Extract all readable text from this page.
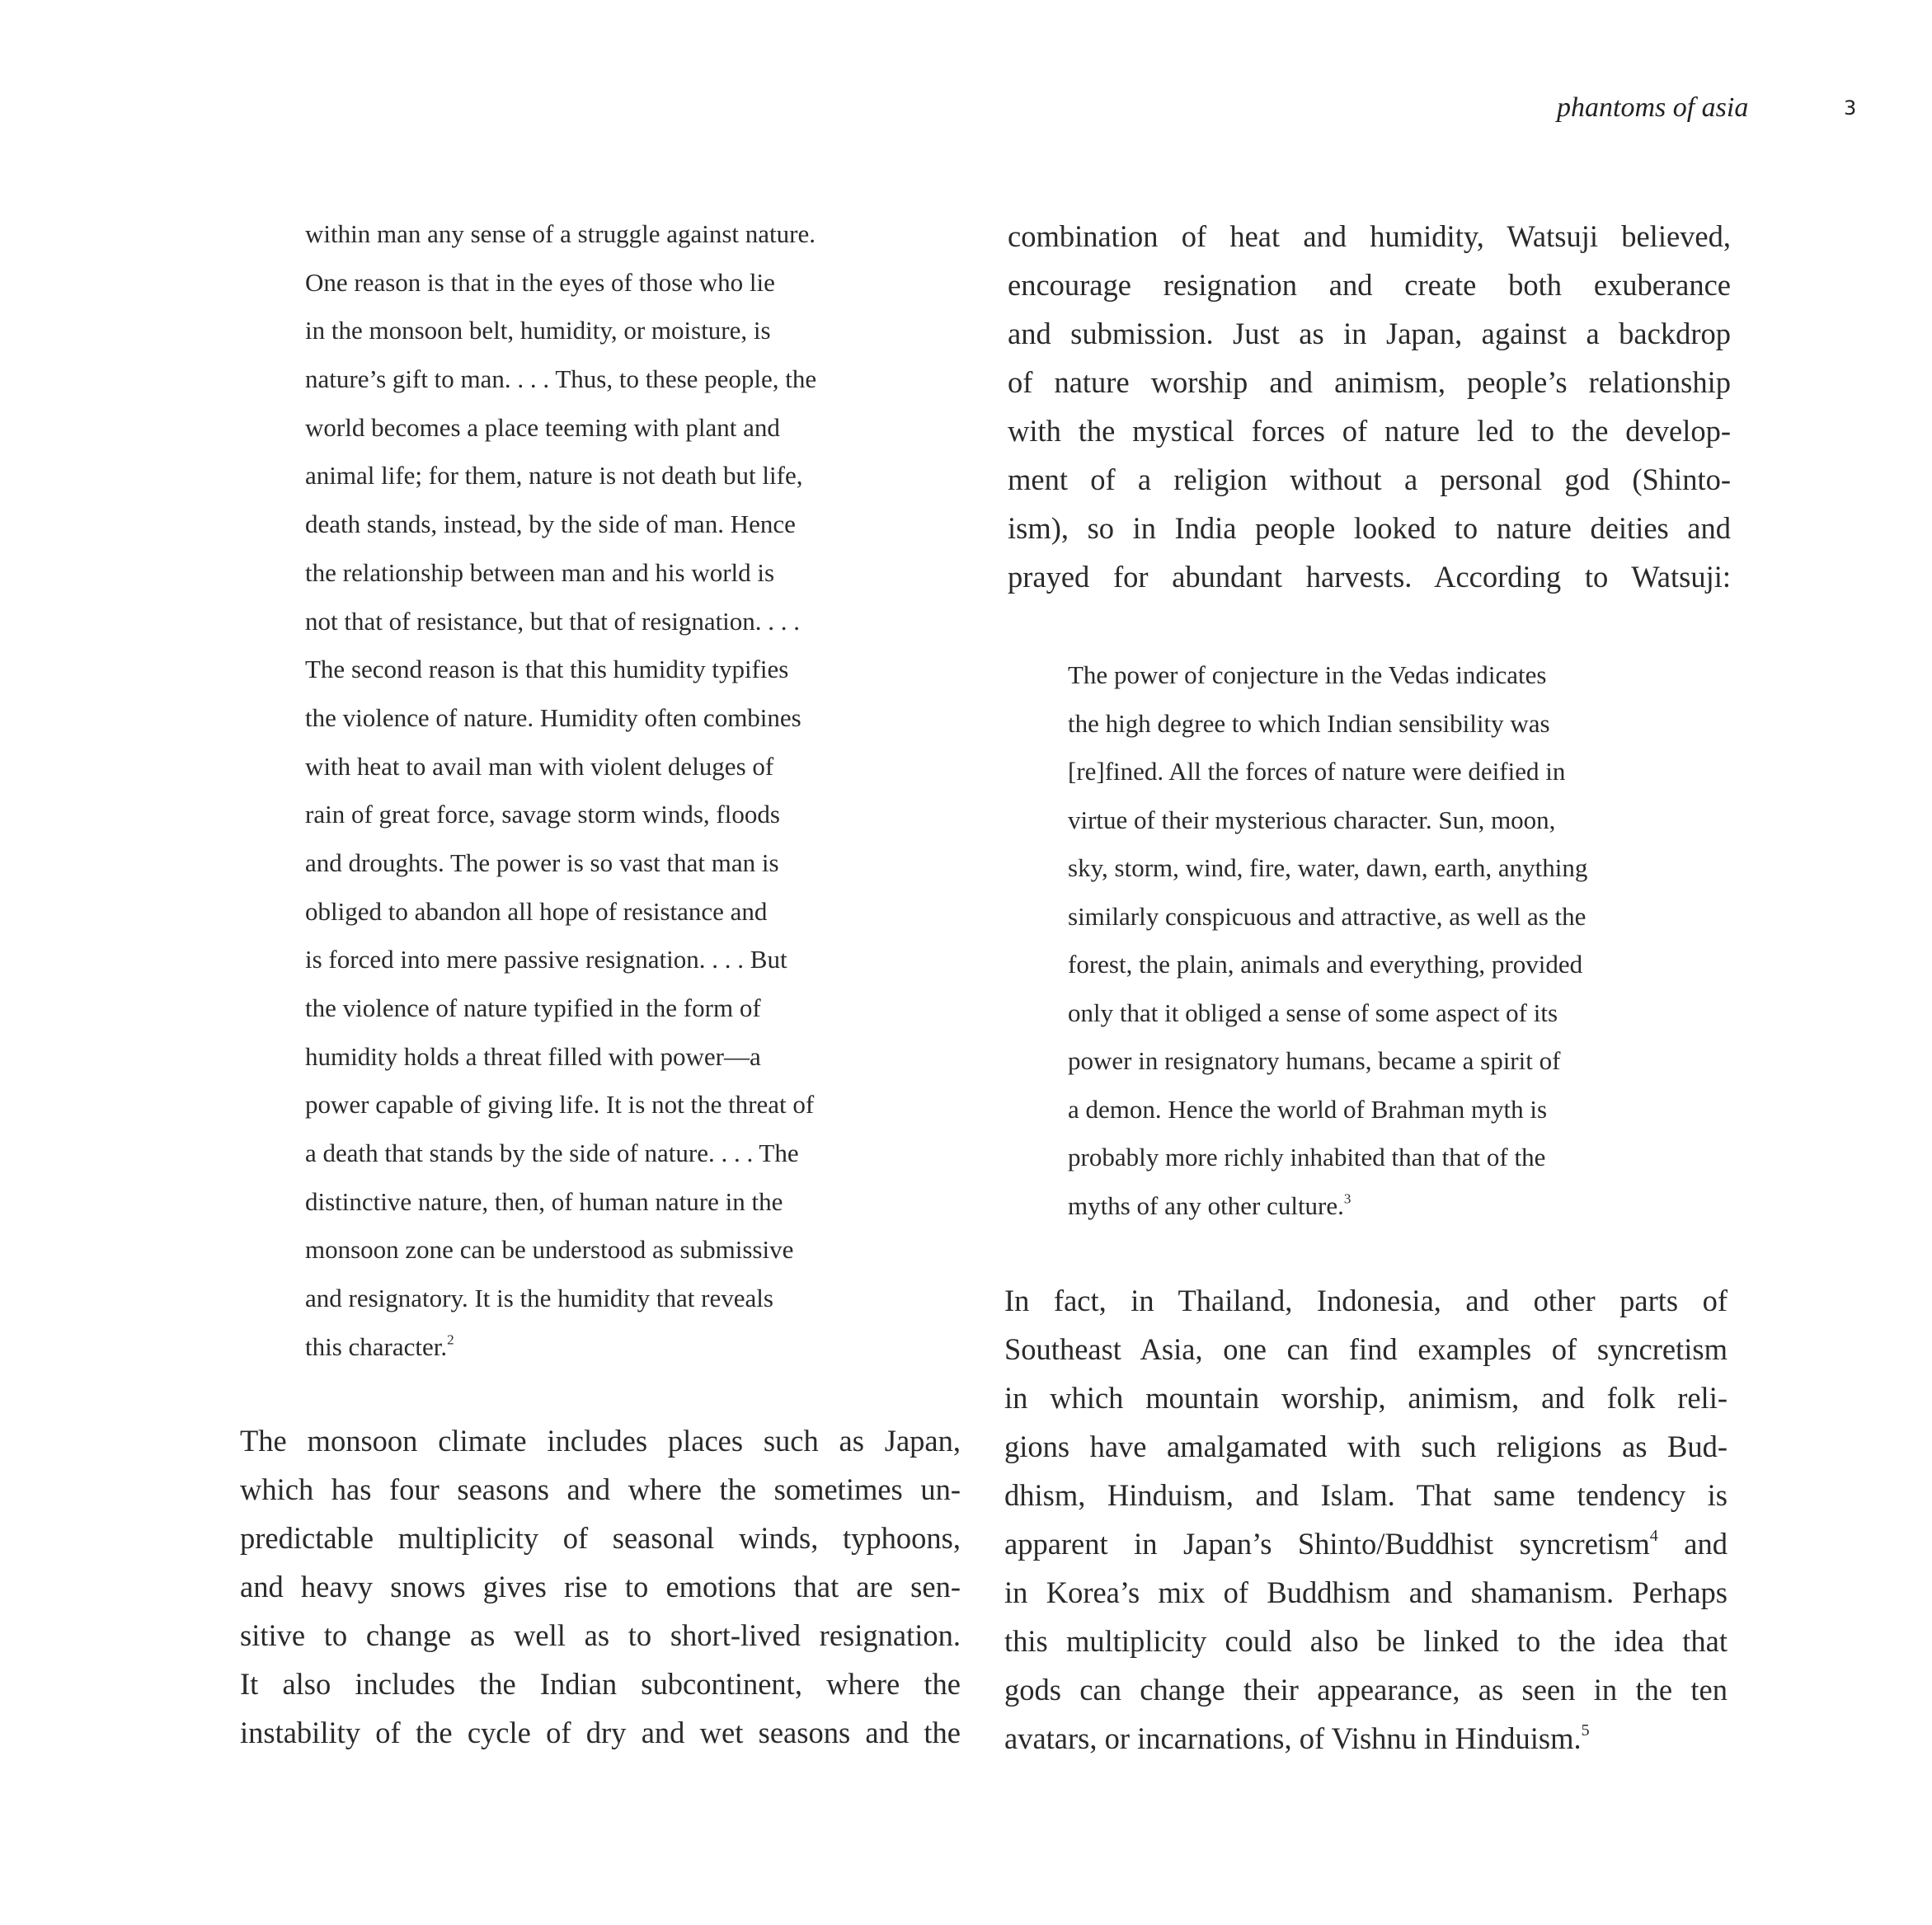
phantoms of asia	3
within man any sense of a struggle against nature.
One reason is that in the eyes of those who lie
in the monsoon belt, humidity, or moisture, is
nature’s gift to man. . . . Thus, to these people, the
world becomes a place teeming with plant and
animal life; for them, nature is not death but life,
death stands, instead, by the side of man. Hence
the relationship between man and his world is
not that of resistance, but that of resignation. . . .
The second reason is that this humidity typifies
the violence of nature. Humidity often combines
with heat to avail man with violent deluges of
rain of great force, savage storm winds, floods
and droughts. The power is so vast that man is
obliged to abandon all hope of resistance and
is forced into mere passive resignation. . . . But
the violence of nature typified in the form of
humidity holds a threat filled with power—a
power capable of giving life. It is not the threat of
a death that stands by the side of nature. . . . The
distinctive nature, then, of human nature in the
monsoon zone can be understood as submissive
and resignatory. It is the humidity that reveals
this character.$^2$
The monsoon climate includes places such as Japan,
which has four seasons and where the sometimes un-
predictable multiplicity of seasonal winds, typhoons,
and heavy snows gives rise to emotions that are sen-
sitive to change as well as to short-lived resignation.
It also includes the Indian subcontinent, where the
instability of the cycle of dry and wet seasons and the
combination of heat and humidity, Watsuji believed,
encourage resignation and create both exuberance
and submission. Just as in Japan, against a backdrop
of nature worship and animism, people’s relationship
with the mystical forces of nature led to the develop-
ment of a religion without a personal god (Shinto-
ism), so in India people looked to nature deities and
prayed for abundant harvests. According to Watsuji:
The power of conjecture in the Vedas indicates
the high degree to which Indian sensibility was
[re]fined. All the forces of nature were deified in
virtue of their mysterious character. Sun, moon,
sky, storm, wind, fire, water, dawn, earth, anything
similarly conspicuous and attractive, as well as the
forest, the plain, animals and everything, provided
only that it obliged a sense of some aspect of its
power in resignatory humans, became a spirit of
a demon. Hence the world of Brahman myth is
probably more richly inhabited than that of the
myths of any other culture.$^3$
In fact, in Thailand, Indonesia, and other parts of
Southeast Asia, one can find examples of syncretism
in which mountain worship, animism, and folk reli-
gions have amalgamated with such religions as Bud-
dhism, Hinduism, and Islam. That same tendency is
apparent in Japan’s Shinto/Buddhist syncretism$^4$ and
in Korea’s mix of Buddhism and shamanism. Perhaps
this multiplicity could also be linked to the idea that
gods can change their appearance, as seen in the ten
avatars, or incarnations, of Vishnu in Hinduism.$^5$
